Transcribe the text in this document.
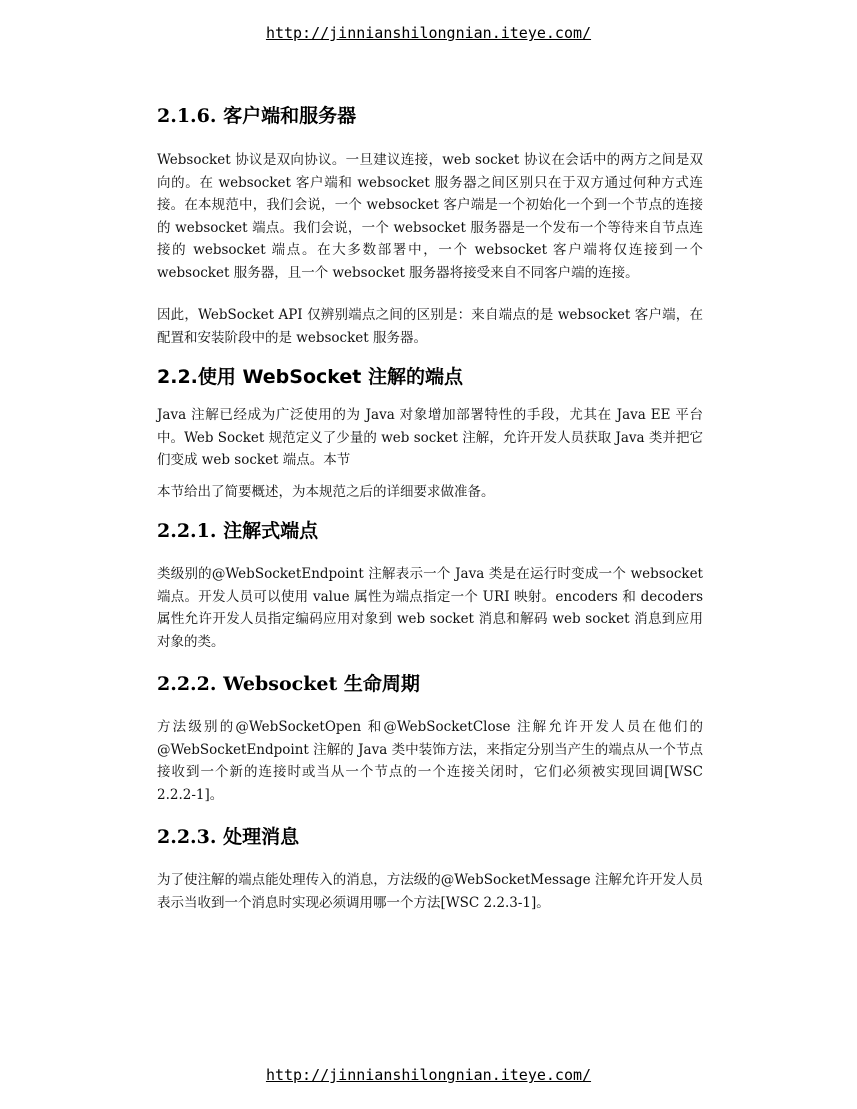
http://jinnianshilongnian.iteye.com/
2.1.6. 客户端和服务器

Websocket 协议是双向协议。一旦建议连接，web socket 协议在会话中的两方之间是双向的。在 websocket 客户端和 websocket 服务器之间区别只在于双方通过何种方式连接。在本规范中，我们会说，一个 websocket 客户端是一个初始化一个到一个节点的连接的 websocket 端点。我们会说，一个 websocket 服务器是一个发布一个等待来自节点连接的 websocket 端点。在大多数部署中，一个 websocket 客户端将仅连接到一个 websocket 服务器，且一个 websocket 服务器将接受来自不同客户端的连接。

因此，WebSocket API 仅辨别端点之间的区别是：来自端点的是 websocket 客户端，在配置和安装阶段中的是 websocket 服务器。

2.2.使用 WebSocket 注解的端点

Java 注解已经成为广泛使用的为 Java 对象增加部署特性的手段，尤其在 Java EE 平台中。Web Socket 规范定义了少量的 web socket 注解，允许开发人员获取 Java 类并把它们变成 web socket 端点。本节

本节给出了简要概述，为本规范之后的详细要求做准备。

2.2.1. 注解式端点

类级别的@WebSocketEndpoint 注解表示一个 Java 类是在运行时变成一个 websocket 端点。开发人员可以使用 value 属性为端点指定一个 URI 映射。encoders 和 decoders 属性允许开发人员指定编码应用对象到 web socket 消息和解码 web socket 消息到应用对象的类。

2.2.2. Websocket 生命周期

方法级别的@WebSocketOpen 和@WebSocketClose 注解允许开发人员在他们的@WebSocketEndpoint 注解的 Java 类中装饰方法，来指定分别当产生的端点从一个节点接收到一个新的连接时或当从一个节点的一个连接关闭时，它们必须被实现回调[WSC 2.2.2-1]。

2.2.3. 处理消息

为了使注解的端点能处理传入的消息，方法级的@WebSocketMessage 注解允许开发人员表示当收到一个消息时实现必须调用哪一个方法[WSC 2.2.3-1]。

http://jinnianshilongnian.iteye.com/
